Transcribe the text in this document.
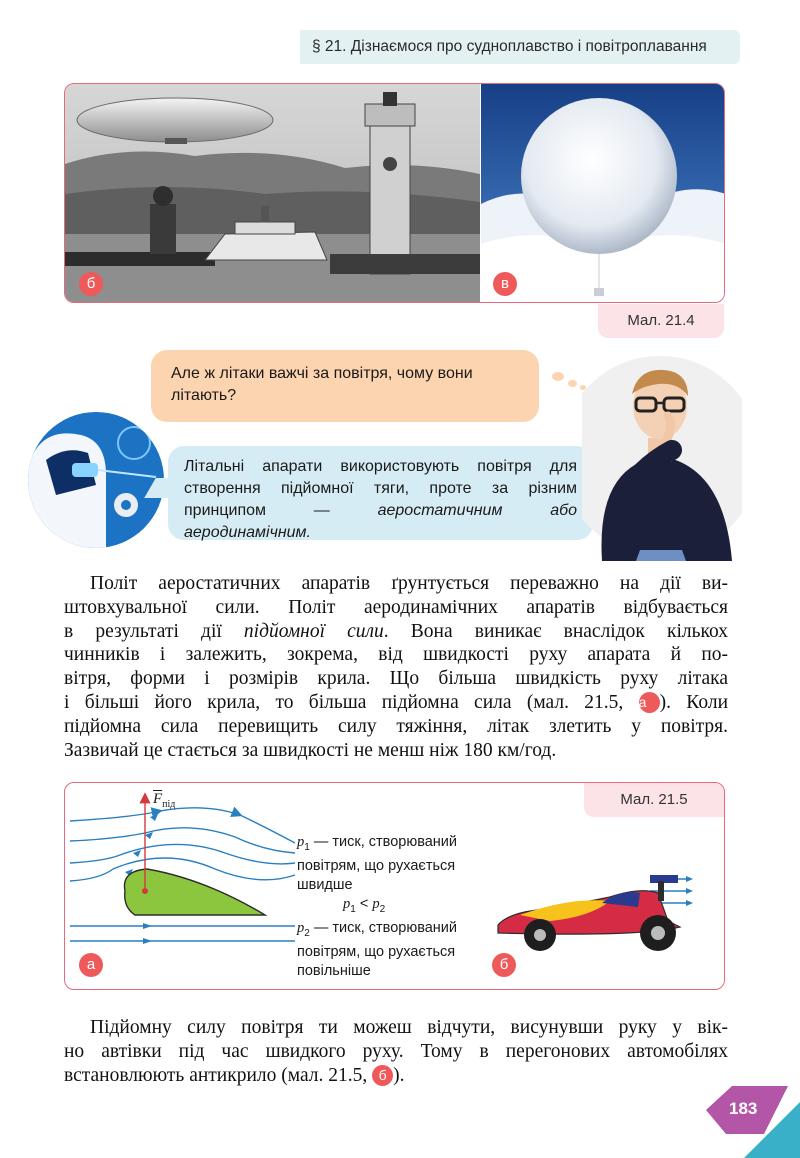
§ 21. Дізнаємося про судноплавство і повітроплавання
б	в
Мал. 21.4
Але ж літаки важчі за повітря, чому вони літають?
Літальні апарати використовують повітря для створення підйомної тяги, проте за різним принципом —	аеростатичним або аеродинамічним.
Політ аеростатичних апаратів ґрунтується переважно на дії ви-
штовхувальної сили. Політ аеродинамічних апаратів відбувається
в результаті дії підйомної сили. Вона виникає внаслідок кількох
чинників і залежить, зокрема, від швидкості руху апарата й по-
вітря, форми і розмірів крила. Що більша швидкість руху літака
і більші його крила, то більша підйомна сила (мал. 21.5, а ). Коли
підйомна сила перевищить силу тяжіння, літак злетить у повітря.
Зазвичай це стається за швидкості не менш ніж 180 км/год.
Мал. 21.5
$\overline{F}_{під}$
$p_1$ — тиск, створюваний
повітрям, що рухається
швидше
$p_1 < p_2$
$p_2$ — тиск, створюваний
повітрям, що рухається
повільніше
а	б
Підйомну силу повітря ти можеш відчути, висунувши руку у вік-
но автівки під час швидкого руху. Тому в перегонових автомобілях
встановлюють антикрило (мал. 21.5, б ).
183
